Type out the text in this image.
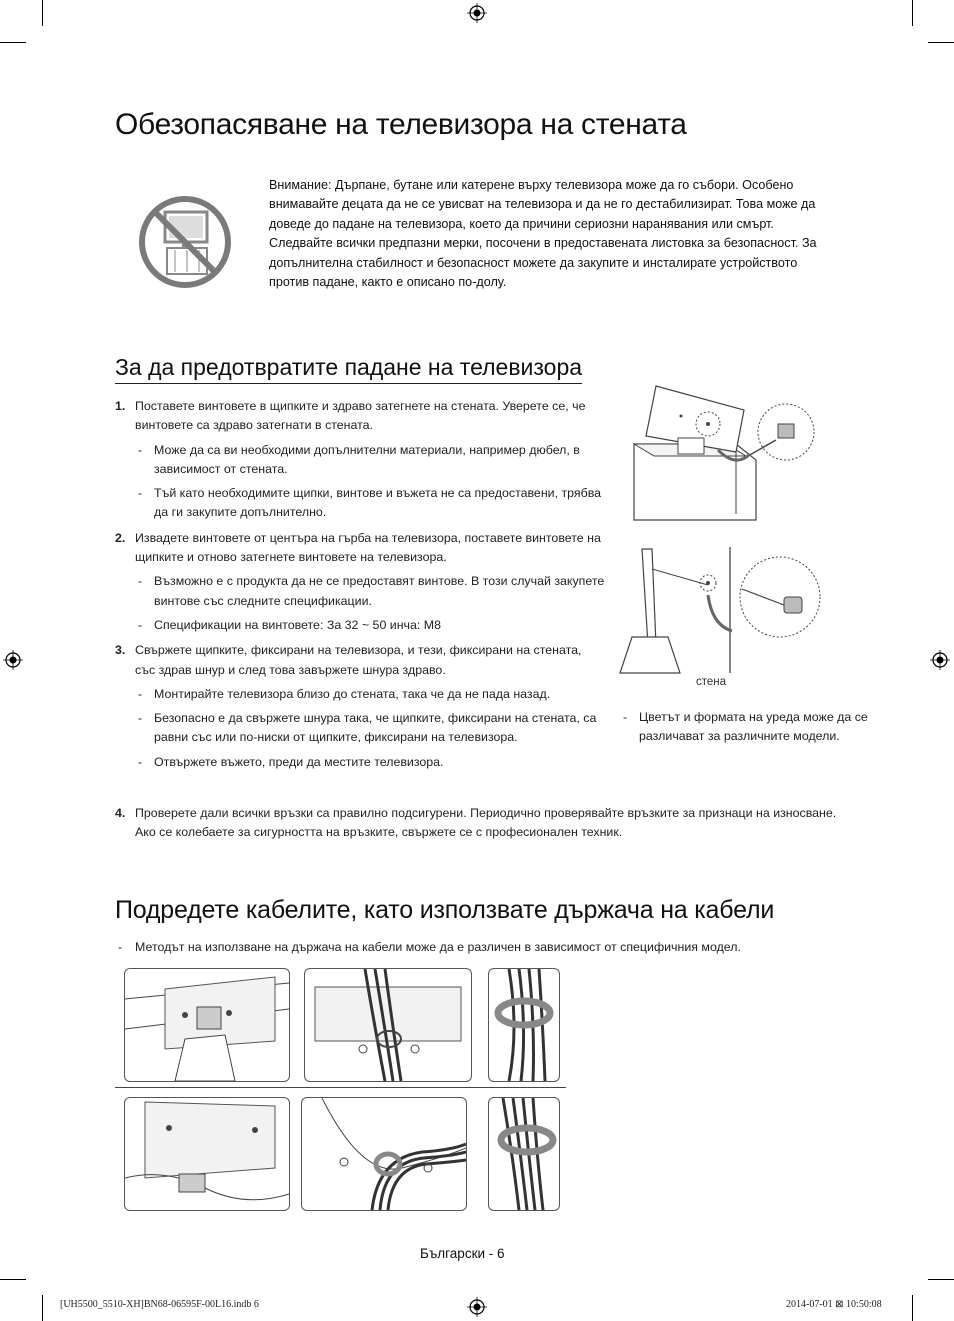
Обезопасяване на телевизора на стената
Внимание: Дърпане, бутане или катерене върху телевизора може да го събори. Особено внимавайте децата да не се увисват на телевизора и да не го дестабилизират. Това може да доведе до падане на телевизора, което да причини сериозни наранявания или смърт. Следвайте всички предпазни мерки, посочени в предоставената листовка за безопасност. За допълнителна стабилност и безопасност можете да закупите и инсталирате устройството против падане, както е описано по-долу.
За да предотвратите падане на телевизора
1. Поставете винтовете в щипките и здраво затегнете на стената. Уверете се, че винтовете са здраво затегнати в стената.
- Може да са ви необходими допълнителни материали, например дюбел, в зависимост от стената.
- Тъй като необходимите щипки, винтове и въжета не са предоставени, трябва да ги закупите допълнително.
2. Извадете винтовете от центъра на гърба на телевизора, поставете винтовете на щипките и отново затегнете винтовете на телевизора.
- Възможно е с продукта да не се предоставят винтове. В този случай закупете винтове със следните спецификации.
- Спецификации на винтовете: За 32 ~ 50 инча: M8
3. Свържете щипките, фиксирани на телевизора, и тези, фиксирани на стената, със здрав шнур и след това завържете шнура здраво.
- Монтирайте телевизора близо до стената, така че да не пада назад.
- Безопасно е да свържете шнура така, че щипките, фиксирани на стената, са равни със или по-ниски от щипките, фиксирани на телевизора.
- Отвържете въжето, преди да местите телевизора.
4. Проверете дали всички връзки са правилно подсигурени. Периодично проверявайте връзките за признаци на износване. Ако се колебаете за сигурността на връзките, свържете се с професионален техник.
стена
- Цветът и формата на уреда може да се различават за различните модели.
Подредете кабелите, като използвате държача на кабели
- Методът на използване на държача на кабели може да е различен в зависимост от специфичния модел.
Български - 6
[UH5500_5510-XH]BN68-06595F-00L16.indb 6	2014-07-01 ⊠ 10:50:08
